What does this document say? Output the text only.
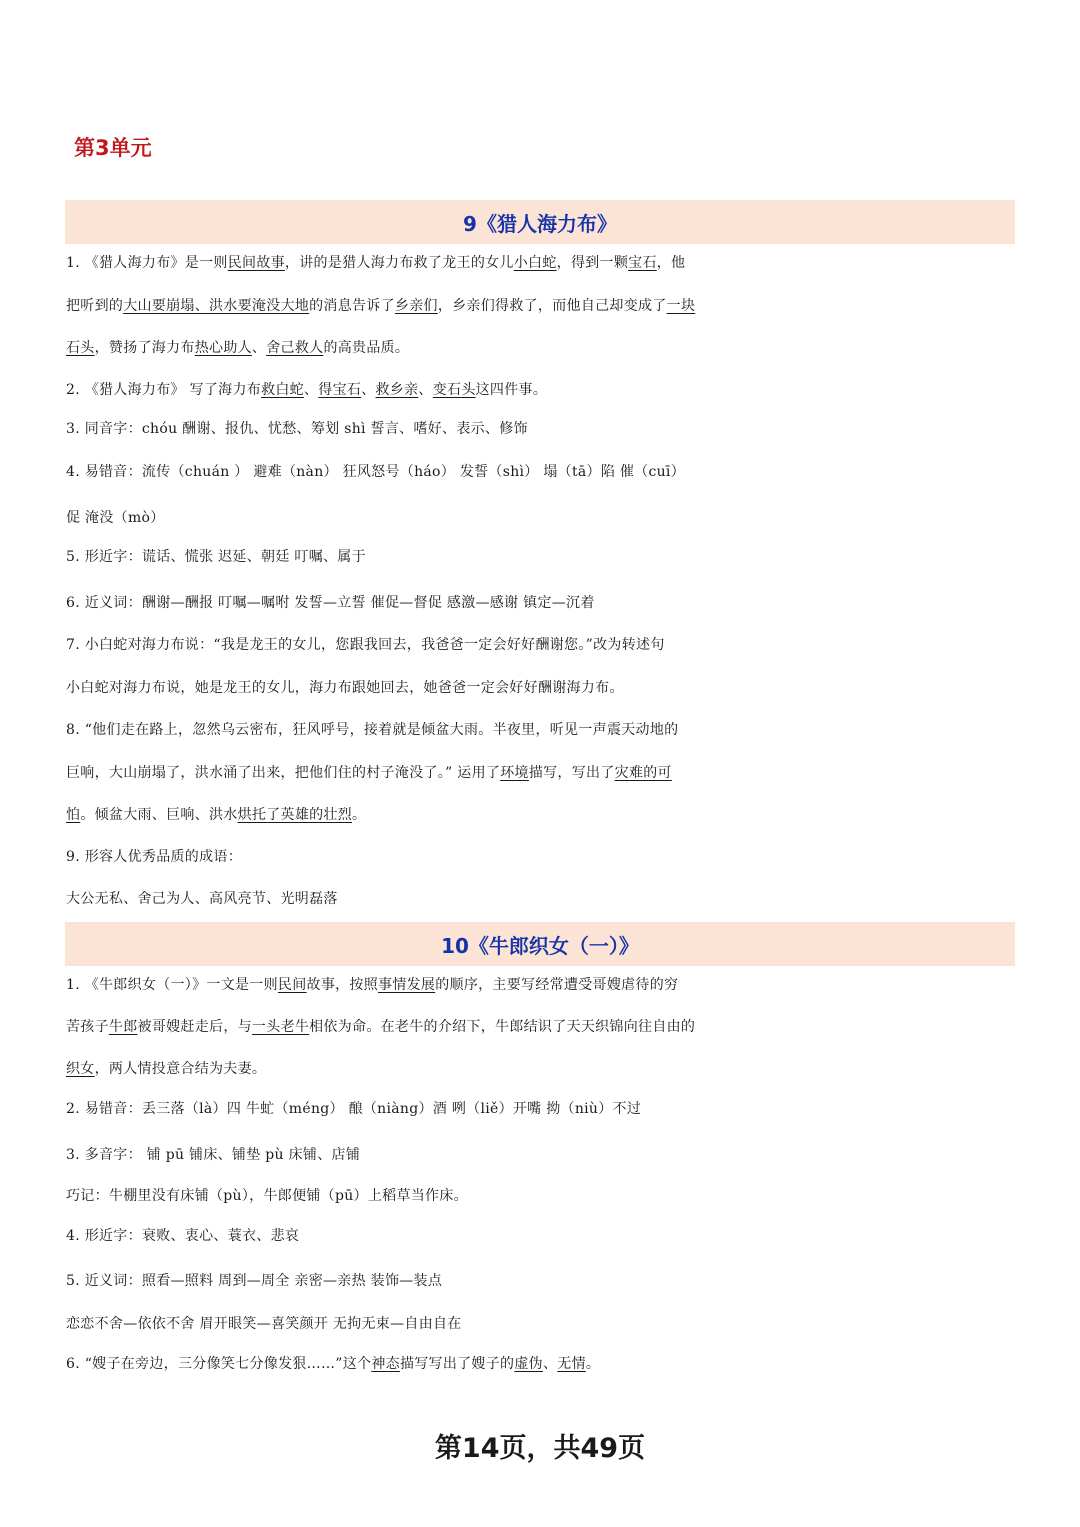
第3单元
9《猎人海力布》
1. 《猎人海力布》是一则民间故事，讲的是猎人海力布救了龙王的女儿小白蛇，得到一颗宝石，他
把听到的大山要崩塌、洪水要淹没大地的消息告诉了乡亲们，乡亲们得救了，而他自己却变成了一块
石头，赞扬了海力布热心助人、舍己救人的高贵品质。
2. 《猎人海力布》 写了海力布救白蛇、得宝石、救乡亲、变石头这四件事。
3. 同音字：chóu 酬谢、报仇、忧愁、筹划 shì 誓言、嗜好、表示、修饰
4. 易错音：流传（chuán ） 避难（nàn） 狂风怒号（háo） 发誓（shì） 塌（tā）陷 催（cuī）
促 淹没（mò）
5. 形近字：谎话、慌张 迟延、朝廷 叮嘱、属于
6. 近义词：酬谢—酬报 叮嘱—嘱咐 发誓—立誓 催促—督促 感激—感谢 镇定—沉着
7. 小白蛇对海力布说：“我是龙王的女儿，您跟我回去，我爸爸一定会好好酬谢您。”改为转述句
小白蛇对海力布说，她是龙王的女儿，海力布跟她回去，她爸爸一定会好好酬谢海力布。
8. “他们走在路上，忽然乌云密布，狂风呼号，接着就是倾盆大雨。半夜里，听见一声震天动地的
巨响，大山崩塌了，洪水涌了出来，把他们住的村子淹没了。” 运用了环境描写，写出了灾难的可
怕。倾盆大雨、巨响、洪水烘托了英雄的壮烈。
9. 形容人优秀品质的成语：
大公无私、舍己为人、高风亮节、光明磊落
10《牛郎织女（一）》
1. 《牛郎织女（一）》一文是一则民间故事，按照事情发展的顺序，主要写经常遭受哥嫂虐待的穷
苦孩子牛郎被哥嫂赶走后，与一头老牛相依为命。在老牛的介绍下，牛郎结识了天天织锦向往自由的
织女，两人情投意合结为夫妻。
2. 易错音：丢三落（là）四 牛虻（méng） 酿（niàng）酒 咧（liě）开嘴 拗（niù）不过
3. 多音字： 铺 pū 铺床、铺垫 pù 床铺、店铺
巧记：牛棚里没有床铺（pù），牛郎便铺（pū）上稻草当作床。
4. 形近字：衰败、衷心、蓑衣、悲哀
5. 近义词：照看—照料 周到—周全 亲密—亲热 装饰—装点
恋恋不舍—依依不舍 眉开眼笑—喜笑颜开 无拘无束—自由自在
6. “嫂子在旁边，三分像笑七分像发狠……”这个神态描写写出了嫂子的虚伪、无情。
第14页，共49页
